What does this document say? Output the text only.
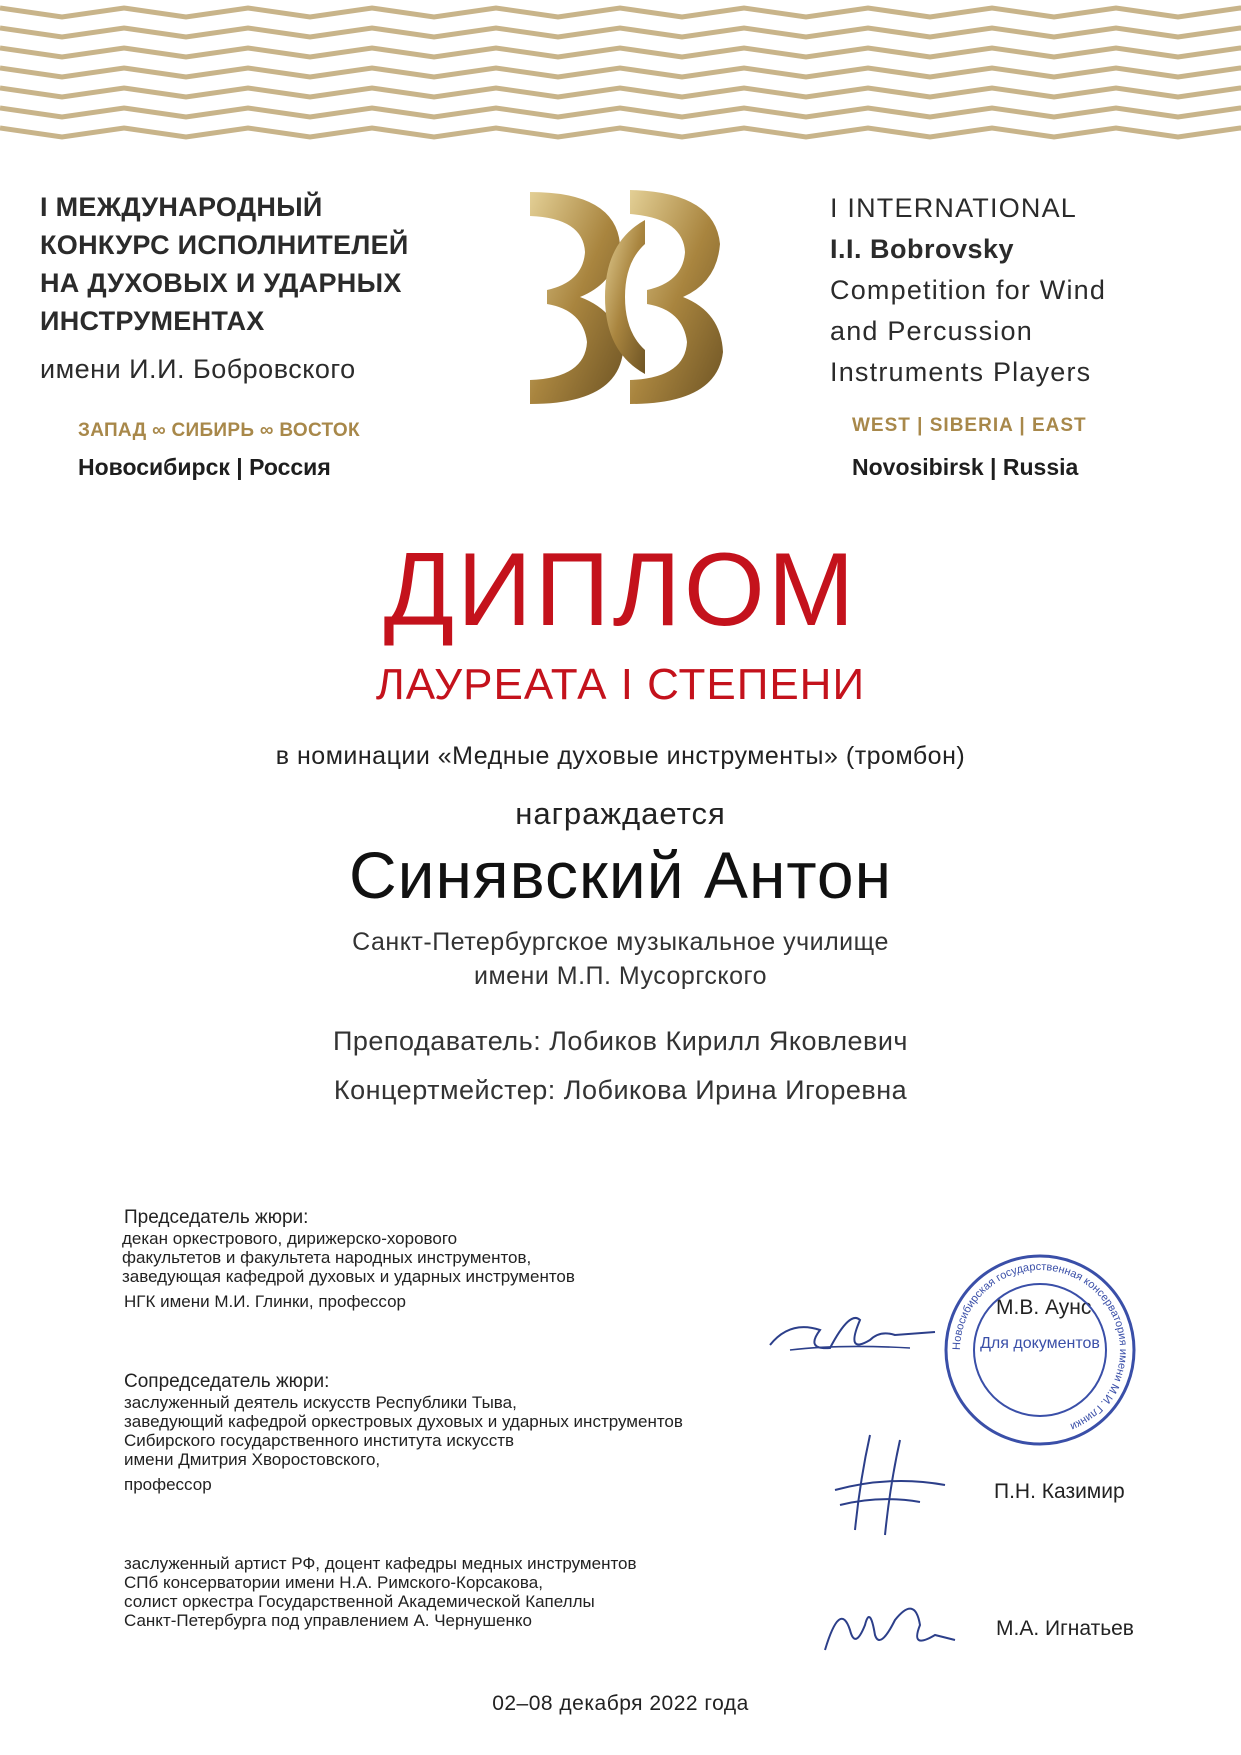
I МЕЖДУНАРОДНЫЙ
КОНКУРС ИСПОЛНИТЕЛЕЙ
НА ДУХОВЫХ И УДАРНЫХ
ИНСТРУМЕНТАХ
имени И.И. Бобровского
ЗАПАД ∞ СИБИРЬ ∞ ВОСТОК
Новосибирск | Россия
I INTERNATIONAL
I.I. Bobrovsky
Competition for Wind
and Percussion
Instruments Players
WEST | SIBERIA | EAST
Novosibirsk | Russia
ДИПЛОМ
ЛАУРЕАТА I СТЕПЕНИ
в номинации «Медные духовые инструменты» (тромбон)
награждается
Синявский Антон
Санкт-Петербургское музыкальное училище
имени М.П. Мусоргского
Преподаватель: Лобиков Кирилл Яковлевич
Концертмейстер: Лобикова Ирина Игоревна
Председатель жюри:
декан оркестрового, дирижерско-хорового
факультетов и факультета народных инструментов,
заведующая кафедрой духовых и ударных инструментов
НГК имени М.И. Глинки, профессор	М.В. Аунс
Сопредседатель жюри:
заслуженный деятель искусств Республики Тыва,
заведующий кафедрой оркестровых духовых и ударных инструментов
Сибирского государственного института искусств
имени Дмитрия Хворостовского,
профессор	П.Н. Казимир
заслуженный артист РФ, доцент кафедры медных инструментов
СПб консерватории имени Н.А. Римского-Корсакова,
солист оркестра Государственной Академической Капеллы
Санкт-Петербурга под управлением А. Чернушенко	М.А. Игнатьев
Новосибирская государственная консерватория имени М.И. Глинки
Для документов
02–08 декабря 2022 года
